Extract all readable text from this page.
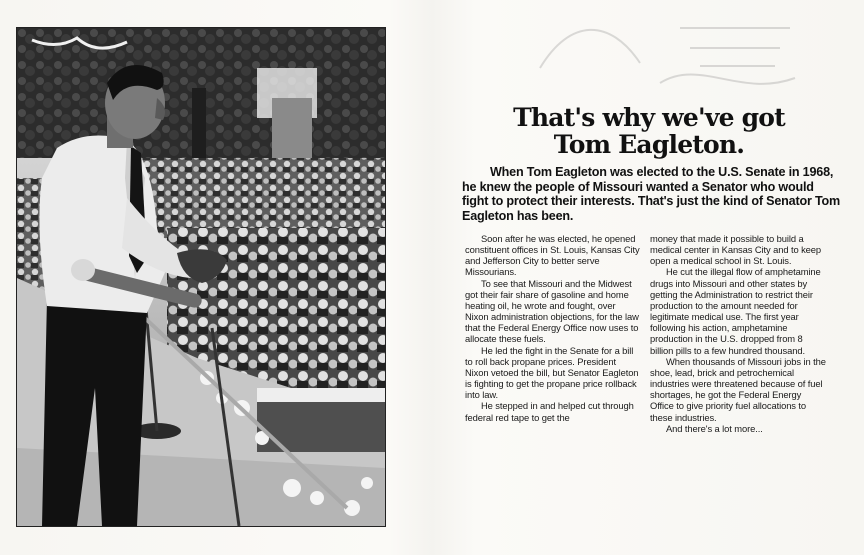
That's why we've got
Tom Eagleton.

When Tom Eagleton was elected to the U.S. Senate in 1968, he knew the people of Missouri wanted a Senator who would fight to protect their interests. That's just the kind of Senator Tom Eagleton has been.

Soon after he was elected, he opened constituent offices in St. Louis, Kansas City and Jefferson City to better serve Missourians.

To see that Missouri and the Midwest got their fair share of gasoline and home heating oil, he wrote and fought, over Nixon administration objections, for the law that the Federal Energy Office now uses to allocate these fuels.

He led the fight in the Senate for a bill to roll back propane prices. President Nixon vetoed the bill, but Senator Eagleton is fighting to get the propane price rollback into law.

He stepped in and helped cut through federal red tape to get the

money that made it possible to build a medical center in Kansas City and to keep open a medical school in St. Louis.

He cut the illegal flow of amphetamine drugs into Missouri and other states by getting the Administration to restrict their production to the amount needed for legitimate medical use. The first year following his action, amphetamine production in the U.S. dropped from 8 billion pills to a few hundred thousand.

When thousands of Missouri jobs in the shoe, lead, brick and petrochemical industries were threatened because of fuel shortages, he got the Federal Energy Office to give priority fuel allocations to these industries.

And there's a lot more...
